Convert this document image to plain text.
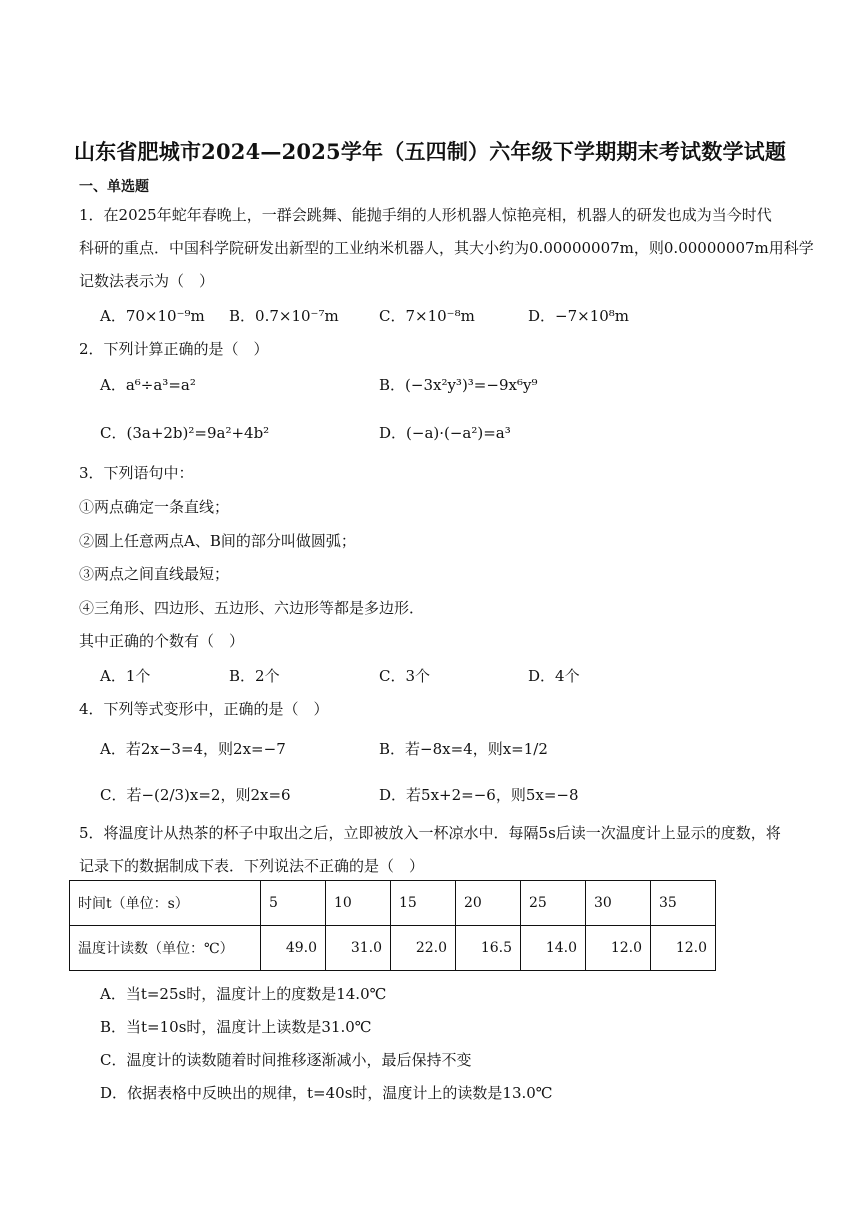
山东省肥城市2024—2025学年（五四制）六年级下学期期末考试数学试题
一、单选题
1．在2025年蛇年春晚上，一群会跳舞、能抛手绢的人形机器人惊艳亮相，机器人的研发也成为当今时代
科研的重点．中国科学院研发出新型的工业纳米机器人，其大小约为0.00000007m，则0.00000007m用科学
记数法表示为（　）
A．70×10⁻⁹m B．0.7×10⁻⁷m	C．7×10⁻⁸m	D．−7×10⁸m
2．下列计算正确的是（　）
A．a⁶÷a³=a²	B．(−3x²y³)³=−9x⁶y⁹
C．(3a+2b)²=9a²+4b²	D．(−a)·(−a²)=a³
3．下列语句中：
①两点确定一条直线；
②圆上任意两点A、B间的部分叫做圆弧；
③两点之间直线最短；
④三角形、四边形、五边形、六边形等都是多边形．
其中正确的个数有（　）
A．1个	B．2个	C．3个	D．4个
4．下列等式变形中，正确的是（　）
A．若2x−3=4，则2x=−7	B．若−8x=4，则x=1/2
C．若−(2/3)x=2，则2x=6	D．若5x+2=−6，则5x=−8
5．将温度计从热茶的杯子中取出之后，立即被放入一杯凉水中．每隔5s后读一次温度计上显示的度数，将
记录下的数据制成下表．下列说法不正确的是（　）
时间t（单位：s）	5	10	15	20	25	30	35
温度计读数（单位：℃）	49.0	31.0	22.0	16.5	14.0	12.0	12.0
A．当t=25s时，温度计上的度数是14.0℃
B．当t=10s时，温度计上读数是31.0℃
C．温度计的读数随着时间推移逐渐减小，最后保持不变
D．依据表格中反映出的规律，t=40s时，温度计上的读数是13.0℃
